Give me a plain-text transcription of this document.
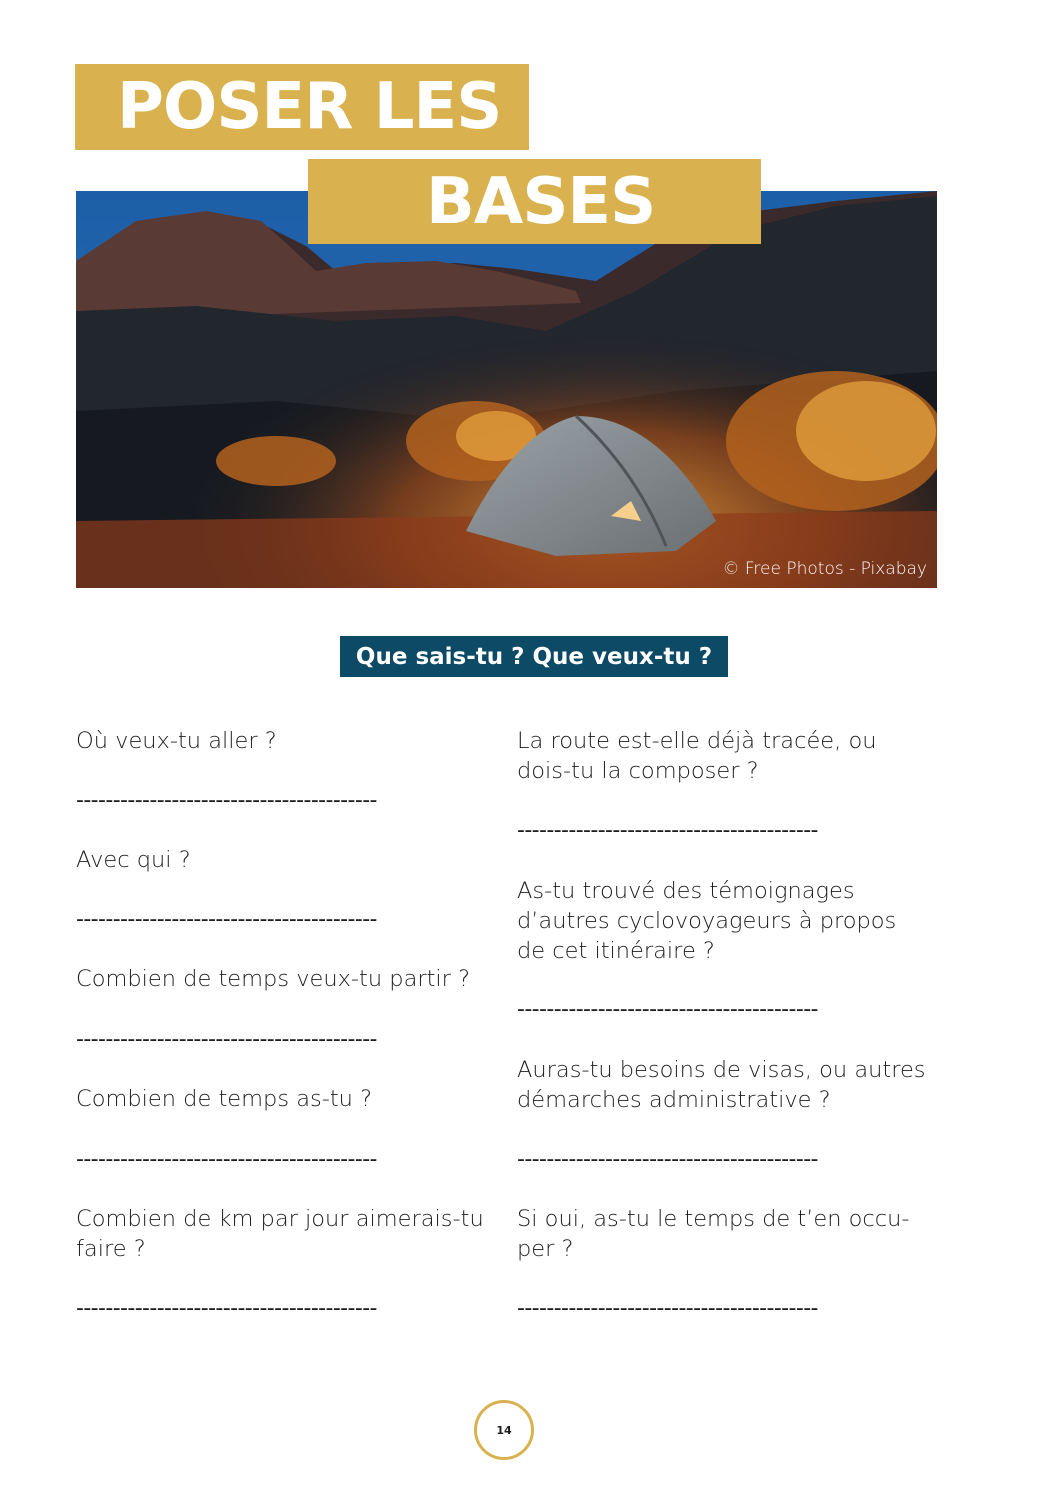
POSER LES
BASES
© Free Photos - Pixabay
Que sais-tu ? Que veux-tu ?
Où veux-tu aller ?
-----------------------------------------
Avec qui ?
-----------------------------------------
Combien de temps veux-tu partir ?
-----------------------------------------
Combien de temps as-tu ?
-----------------------------------------
Combien de km par jour aimerais-tu faire ?
-----------------------------------------
La route est-elle déjà tracée, ou dois-tu la composer ?
-----------------------------------------
As-tu trouvé des témoignages d’autres cyclovoyageurs à propos de cet itinéraire ?
-----------------------------------------
Auras-tu besoins de visas, ou autres démarches administrative ?
-----------------------------------------
Si oui, as-tu le temps de t’en occu-per ?
-----------------------------------------
14
